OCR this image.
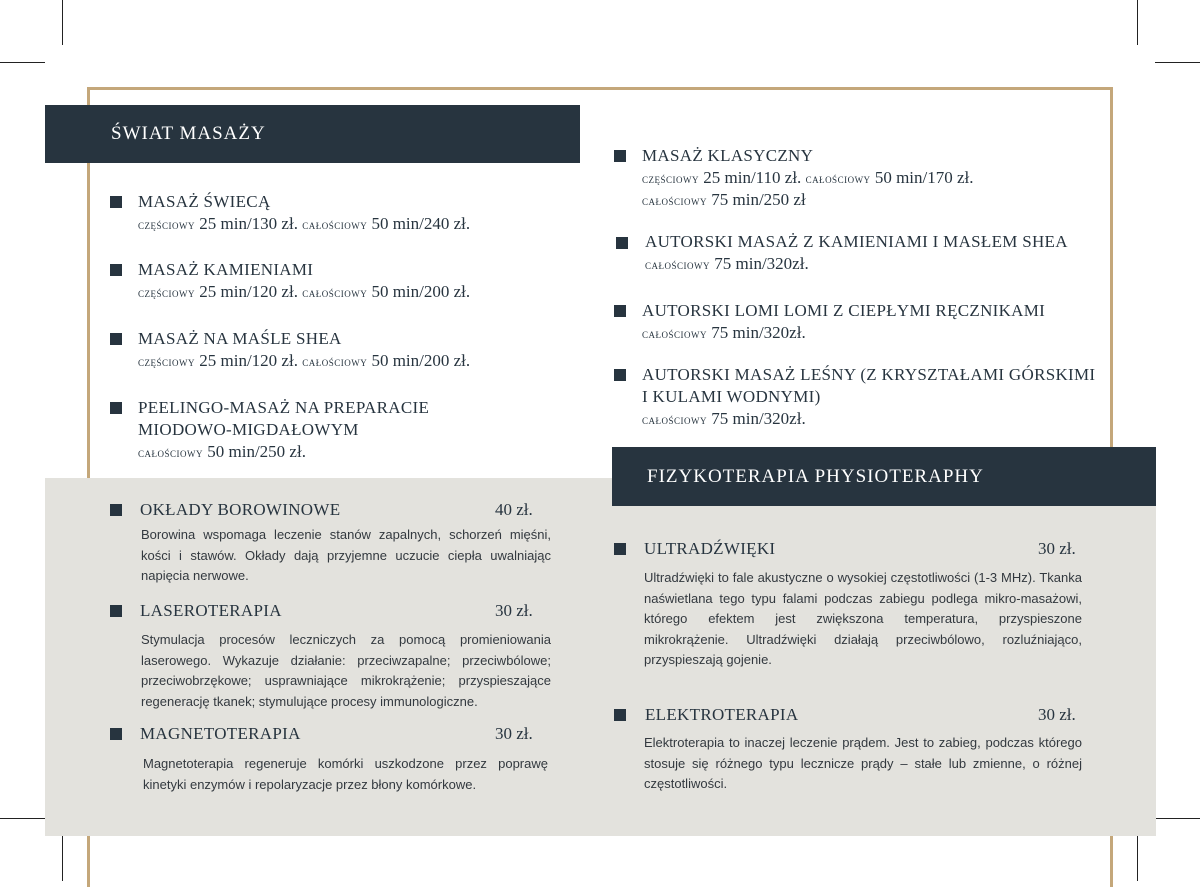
ŚWIAT MASAŻY
FIZYKOTERAPIA PHYSIOTERAPHY
MASAŻ ŚWIECĄ
częściowy 25 min/130 zł. całościowy 50 min/240 zł.
MASAŻ KAMIENIAMI
częściowy 25 min/120 zł. całościowy 50 min/200 zł.
MASAŻ NA MAŚLE SHEA
częściowy 25 min/120 zł. całościowy 50 min/200 zł.
PEELINGO-MASAŻ NA PREPARACIE
MIODOWO-MIGDAŁOWYM
całościowy 50 min/250 zł.
MASAŻ KLASYCZNY
częściowy 25 min/110 zł. całościowy 50 min/170 zł.
całościowy 75 min/250 zł
AUTORSKI MASAŻ Z KAMIENIAMI I MASŁEM SHEA
całościowy 75 min/320zł.
AUTORSKI LOMI LOMI Z CIEPŁYMI RĘCZNIKAMI
całościowy 75 min/320zł.
AUTORSKI MASAŻ LEŚNY (Z KRYSZTAŁAMI GÓRSKIMI
I KULAMI WODNYMI)
całościowy 75 min/320zł.
OKŁADY BOROWINOWE	40 zł.
Borowina wspomaga leczenie stanów zapalnych, schorzeń mięśni, kości i stawów. Okłady dają przyjemne uczucie ciepła uwalniając napięcia nerwowe.
LASEROTERAPIA	30 zł.
Stymulacja procesów leczniczych za pomocą promieniowania laserowego. Wykazuje działanie: przeciwzapalne; przeciwbólowe; przeciwobrzękowe; usprawniające mikrokrążenie; przyspieszające regenerację tkanek; stymulujące procesy immunologiczne.
MAGNETOTERAPIA	30 zł.
Magnetoterapia regeneruje komórki uszkodzone przez poprawę kinetyki enzymów i repolaryzacje przez błony komórkowe.
ULTRADŹWIĘKI	30 zł.
Ultradźwięki to fale akustyczne o wysokiej częstotliwości (1-3 MHz). Tkanka naświetlana tego typu falami podczas zabiegu podlega mikro-masażowi, którego efektem jest zwiększona temperatura, przyspieszone mikrokrążenie. Ultradźwięki działają przeciwbólowo, rozluźniająco, przyspieszają gojenie.
ELEKTROTERAPIA	30 zł.
Elektroterapia to inaczej leczenie prądem. Jest to zabieg, podczas którego stosuje się różnego typu lecznicze prądy – stałe lub zmienne, o różnej częstotliwości.
